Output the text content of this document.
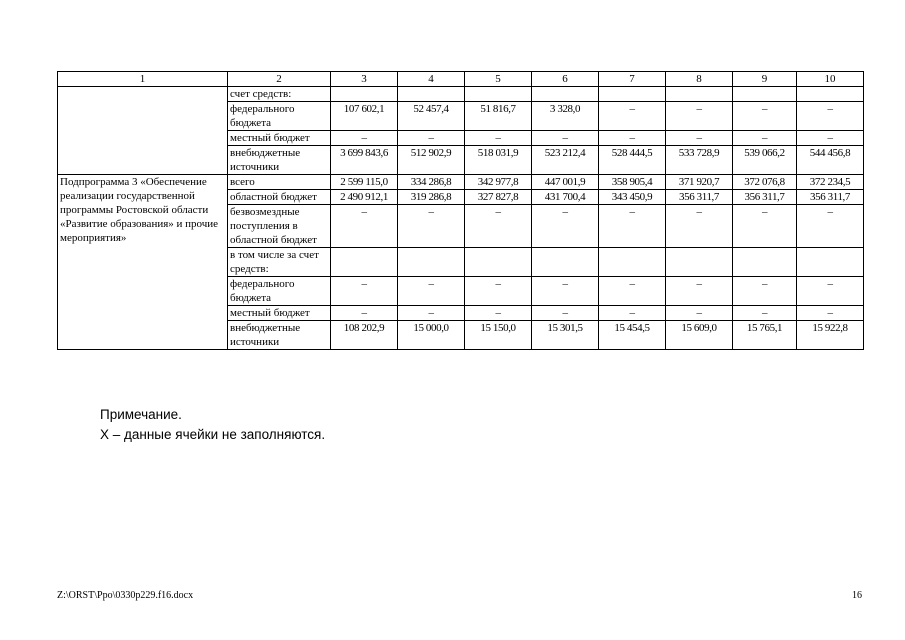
1	2	3	4	5	6	7	8	9	10
	счет средств:								
	федерального бюджета	107 602,1	52 457,4	51 816,7	3 328,0	–	–	–	–
	местный бюджет	–	–	–	–	–	–	–	–
	внебюджетные источники	3 699 843,6	512 902,9	518 031,9	523 212,4	528 444,5	533 728,9	539 066,2	544 456,8
Подпрограмма 3 «Обеспечение реализации государственной программы Ростовской области «Развитие образования» и прочие мероприятия»	всего	2 599 115,0	334 286,8	342 977,8	447 001,9	358 905,4	371 920,7	372 076,8	372 234,5
	областной бюджет	2 490 912,1	319 286,8	327 827,8	431 700,4	343 450,9	356 311,7	356 311,7	356 311,7
	безвозмездные поступления в областной бюджет	–	–	–	–	–	–	–	–
	в том числе за счет средств:								
	федерального бюджета	–	–	–	–	–	–	–	–
	местный бюджет	–	–	–	–	–	–	–	–
	внебюджетные источники	108 202,9	15 000,0	15 150,0	15 301,5	15 454,5	15 609,0	15 765,1	15 922,8
Примечание.
Х – данные ячейки не заполняются.
Z:\ORST\Ppo\0330p229.f16.docx	16
